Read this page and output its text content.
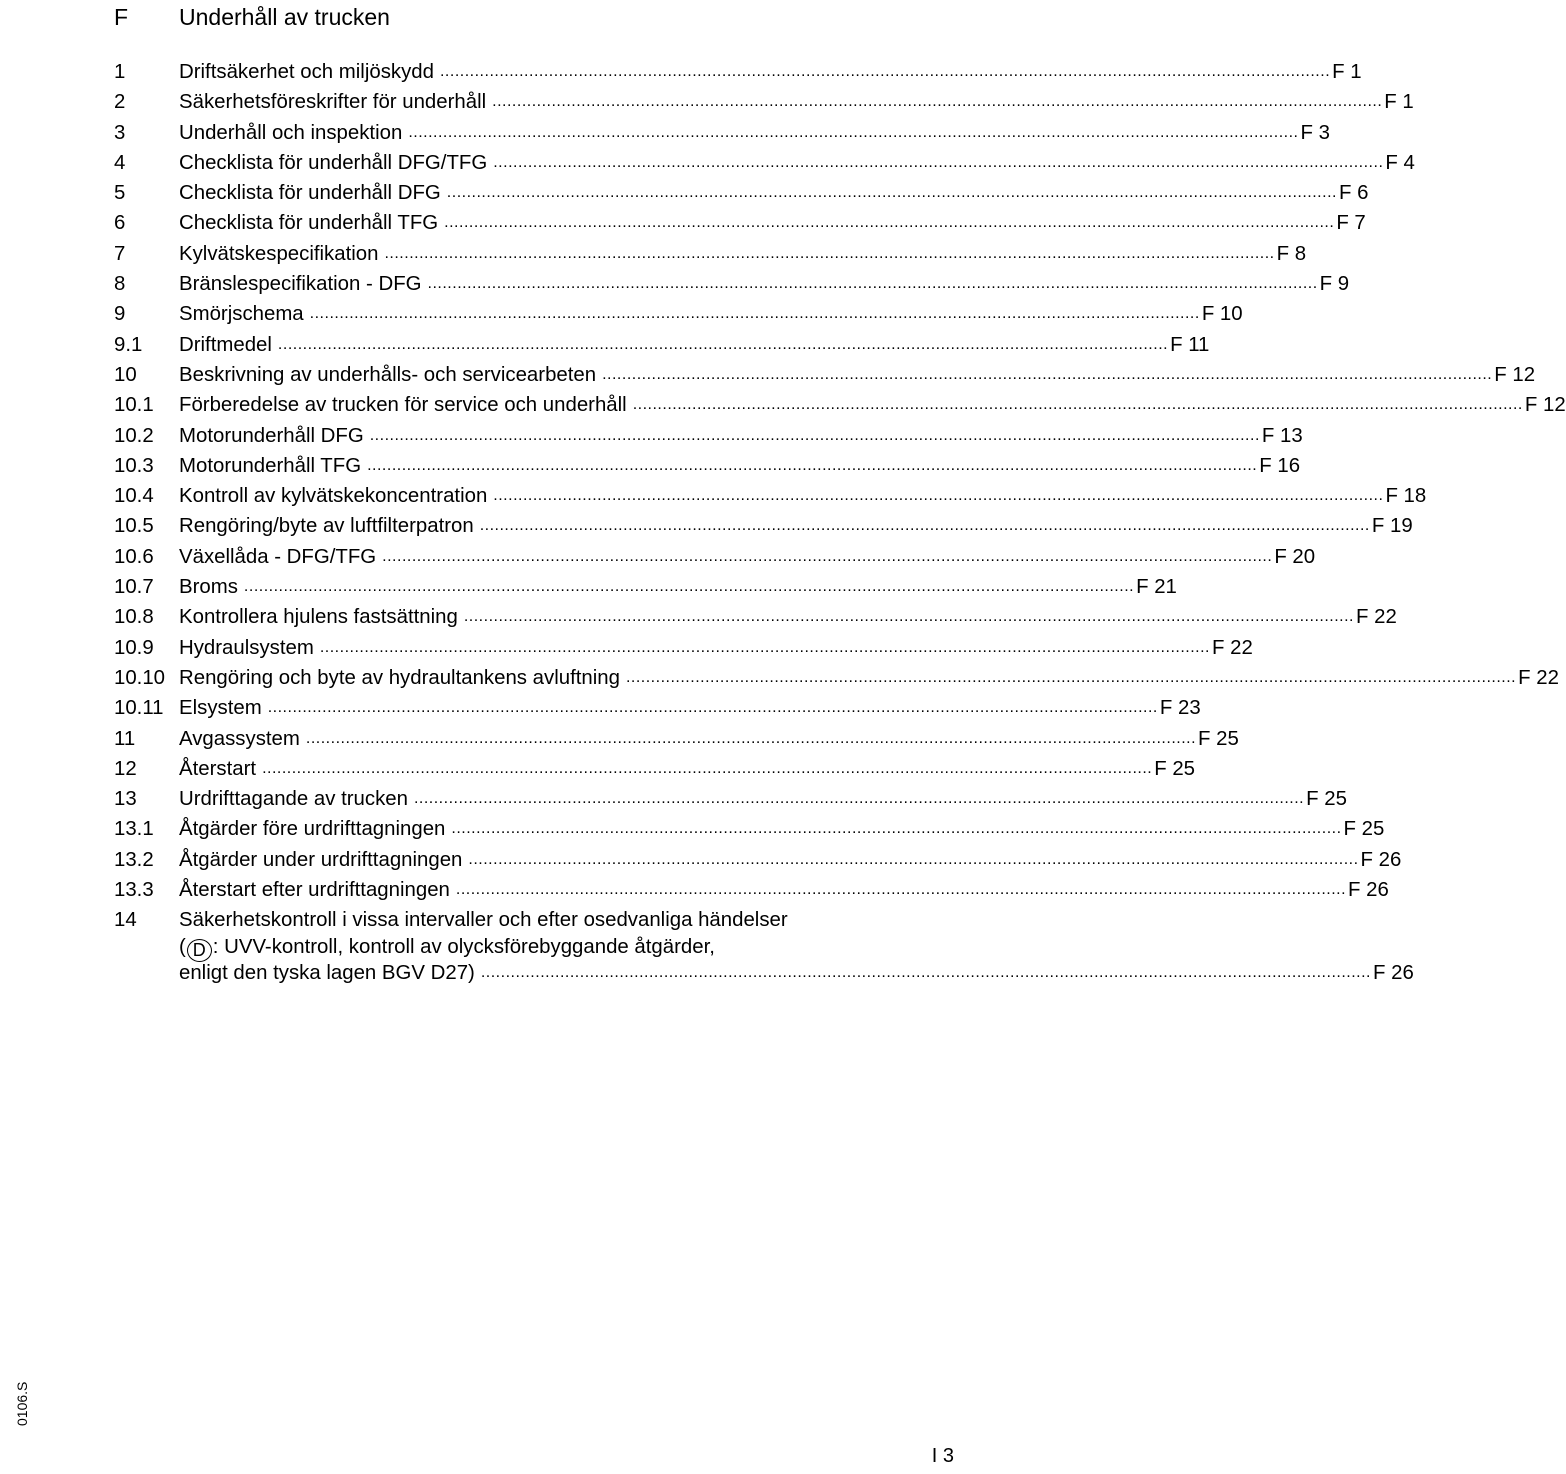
F Underhåll av trucken
1	Driftsäkerhet och miljöskydd .................................................................................................................................................................................... F 1
2	Säkerhetsföreskrifter för underhåll .................................................................................................................................................................................... F 1
3	Underhåll och inspektion .................................................................................................................................................................................... F 3
4	Checklista för underhåll DFG/TFG .................................................................................................................................................................................... F 4
5	Checklista för underhåll DFG .................................................................................................................................................................................... F 6
6	Checklista för underhåll TFG .................................................................................................................................................................................... F 7
7	Kylvätskespecifikation .................................................................................................................................................................................... F 8
8	Bränslespecifikation - DFG .................................................................................................................................................................................... F 9
9	Smörjschema .................................................................................................................................................................................... F 10
9.1 Driftmedel .................................................................................................................................................................................... F 11
10 Beskrivning av underhålls- och servicearbeten .................................................................................................................................................................................... F 12
10.1 Förberedelse av trucken för service och underhåll .................................................................................................................................................................................... F 12
10.2 Motorunderhåll DFG .................................................................................................................................................................................... F 13
10.3 Motorunderhåll TFG .................................................................................................................................................................................... F 16
10.4 Kontroll av kylvätskekoncentration .................................................................................................................................................................................... F 18
10.5 Rengöring/byte av luftfilterpatron .................................................................................................................................................................................... F 19
10.6 Växellåda - DFG/TFG .................................................................................................................................................................................... F 20
10.7 Broms .................................................................................................................................................................................... F 21
10.8 Kontrollera hjulens fastsättning .................................................................................................................................................................................... F 22
10.9 Hydraulsystem .................................................................................................................................................................................... F 22
10.10 Rengöring och byte av hydraultankens avluftning .................................................................................................................................................................................... F 22
10.11 Elsystem .................................................................................................................................................................................... F 23
11 Avgassystem .................................................................................................................................................................................... F 25
12 Återstart .................................................................................................................................................................................... F 25
13 Urdrifttagande av trucken .................................................................................................................................................................................... F 25
13.1 Åtgärder före urdrifttagningen .................................................................................................................................................................................... F 25
13.2 Åtgärder under urdrifttagningen .................................................................................................................................................................................... F 26
13.3 Återstart efter urdrifttagningen .................................................................................................................................................................................... F 26
14 Säkerhetskontroll i vissa intervaller och efter osedvanliga händelser
( D : UVV-kontroll, kontroll av olycksförebyggande åtgärder,
enligt den tyska lagen BGV D27) .................................................................................................................................................................................... F 26
0106.S
I 3
